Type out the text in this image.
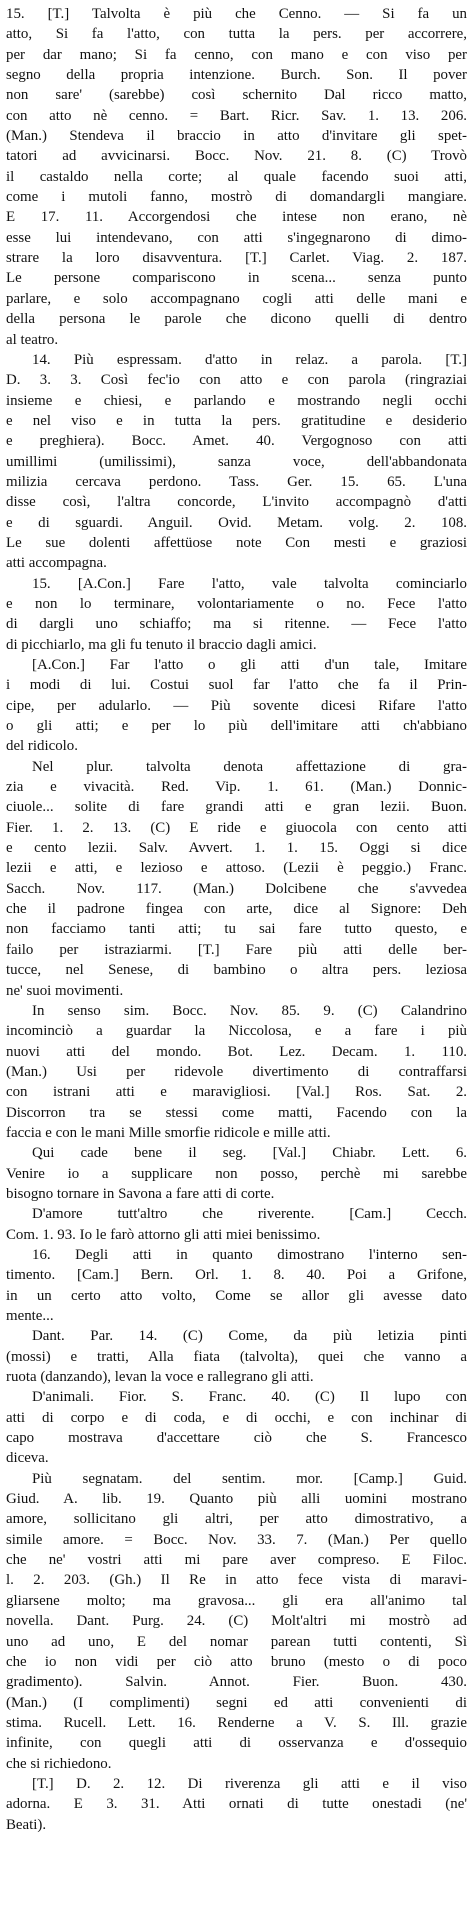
15. [T.] Talvolta è più che Cenno. — Si fa un
atto, Si fa l'atto, con tutta la pers. per accorrere,
per dar mano; Si fa cenno, con mano e con viso per
segno della propria intenzione. Burch. Son. Il pover
non sare' (sarebbe) così schernito Dal ricco matto,
con atto nè cenno. = Bart. Ricr. Sav. 1. 13. 206.
(Man.) Stendeva il braccio in atto d'invitare gli spet-
tatori ad avvicinarsi. Bocc. Nov. 21. 8. (C) Trovò
il castaldo nella corte; al quale facendo suoi atti,
come i mutoli fanno, mostrò di domandargli mangiare.
E 17. 11. Accorgendosi che intese non erano, nè
esse lui intendevano, con atti s'ingegnarono di dimo-
strare la loro disavventura. [T.] Carlet. Viag. 2. 187.
Le persone compariscono in scena... senza punto
parlare, e solo accompagnano cogli atti delle mani e
della persona le parole che dicono quelli di dentro
al teatro.
14. Più espressam. d'atto in relaz. a parola. [T.]
D. 3. 3. Così fec'io con atto e con parola (ringraziai
insieme e chiesi, e parlando e mostrando negli occhi
e nel viso e in tutta la pers. gratitudine e desiderio
e preghiera). Bocc. Amet. 40. Vergognoso con atti
umillimi (umilissimi), sanza voce, dell'abbandonata
milizia cercava perdono. Tass. Ger. 15. 65. L'una
disse così, l'altra concorde, L'invito accompagnò d'atti
e di sguardi. Anguil. Ovid. Metam. volg. 2. 108.
Le sue dolenti affettüose note Con mesti e graziosi
atti accompagna.
15. [A.Con.] Fare l'atto, vale talvolta cominciarlo
e non lo terminare, volontariamente o no. Fece l'atto
di dargli uno schiaffo; ma si ritenne. — Fece l'atto
di picchiarlo, ma gli fu tenuto il braccio dagli amici.
[A.Con.] Far l'atto o gli atti d'un tale, Imitare
i modi di lui. Costui suol far l'atto che fa il Prin-
cipe, per adularlo. — Più sovente dicesi Rifare l'atto
o gli atti; e per lo più dell'imitare atti ch'abbiano
del ridicolo.
Nel plur. talvolta denota affettazione di gra-
zia e vivacità. Red. Vip. 1. 61. (Man.) Donnic-
ciuole... solite di fare grandi atti e gran lezii. Buon.
Fier. 1. 2. 13. (C) E ride e giuocola con cento atti
e cento lezii. Salv. Avvert. 1. 1. 15. Oggi si dice
lezii e atti, e lezioso e attoso. (Lezii è peggio.) Franc.
Sacch. Nov. 117. (Man.) Dolcibene che s'avvedea
che il padrone fingea con arte, dice al Signore: Deh
non facciamo tanti atti; tu sai fare tutto questo, e
failo per istraziarmi. [T.] Fare più atti delle ber-
tucce, nel Senese, di bambino o altra pers. leziosa
ne' suoi movimenti.
In senso sim. Bocc. Nov. 85. 9. (C) Calandrino
incominciò a guardar la Niccolosa, e a fare i più
nuovi atti del mondo. Bot. Lez. Decam. 1. 110.
(Man.) Usi per ridevole divertimento di contraffarsi
con istrani atti e maravigliosi. [Val.] Ros. Sat. 2.
Discorron tra se stessi come matti, Facendo con la
faccia e con le mani Mille smorfie ridicole e mille atti.
Qui cade bene il seg. [Val.] Chiabr. Lett. 6.
Venire io a supplicare non posso, perchè mi sarebbe
bisogno tornare in Savona a fare atti di corte.
D'amore tutt'altro che riverente. [Cam.] Cecch.
Com. 1. 93. Io le farò attorno gli atti miei benissimo.
16. Degli atti in quanto dimostrano l'interno sen-
timento. [Cam.] Bern. Orl. 1. 8. 40. Poi a Grifone,
in un certo atto volto, Come se allor gli avesse dato
mente...
Dant. Par. 14. (C) Come, da più letizia pinti
(mossi) e tratti, Alla fiata (talvolta), quei che vanno a
ruota (danzando), levan la voce e rallegrano gli atti.
D'animali. Fior. S. Franc. 40. (C) Il lupo con
atti di corpo e di coda, e di occhi, e con inchinar di
capo mostrava d'accettare ciò che S. Francesco
diceva.
Più segnatam. del sentim. mor. [Camp.] Guid.
Giud. A. lib. 19. Quanto più alli uomini mostrano
amore, sollicitano gli altri, per atto dimostrativo, a
simile amore. = Bocc. Nov. 33. 7. (Man.) Per quello
che ne' vostri atti mi pare aver compreso. E Filoc.
l. 2. 203. (Gh.) Il Re in atto fece vista di maravi-
gliarsene molto; ma gravosa... gli era all'animo tal
novella. Dant. Purg. 24. (C) Molt'altri mi mostrò ad
uno ad uno, E del nomar parean tutti contenti, Sì
che io non vidi per ciò atto bruno (mesto o di poco
gradimento). Salvin. Annot. Fier. Buon. 430.
(Man.) (I complimenti) segni ed atti convenienti di
stima. Rucell. Lett. 16. Renderne a V. S. Ill. grazie
infinite, con quegli atti di osservanza e d'ossequio
che si richiedono.
[T.] D. 2. 12. Di riverenza gli atti e il viso
adorna. E 3. 31. Atti ornati di tutte onestadi (ne'
Beati).
